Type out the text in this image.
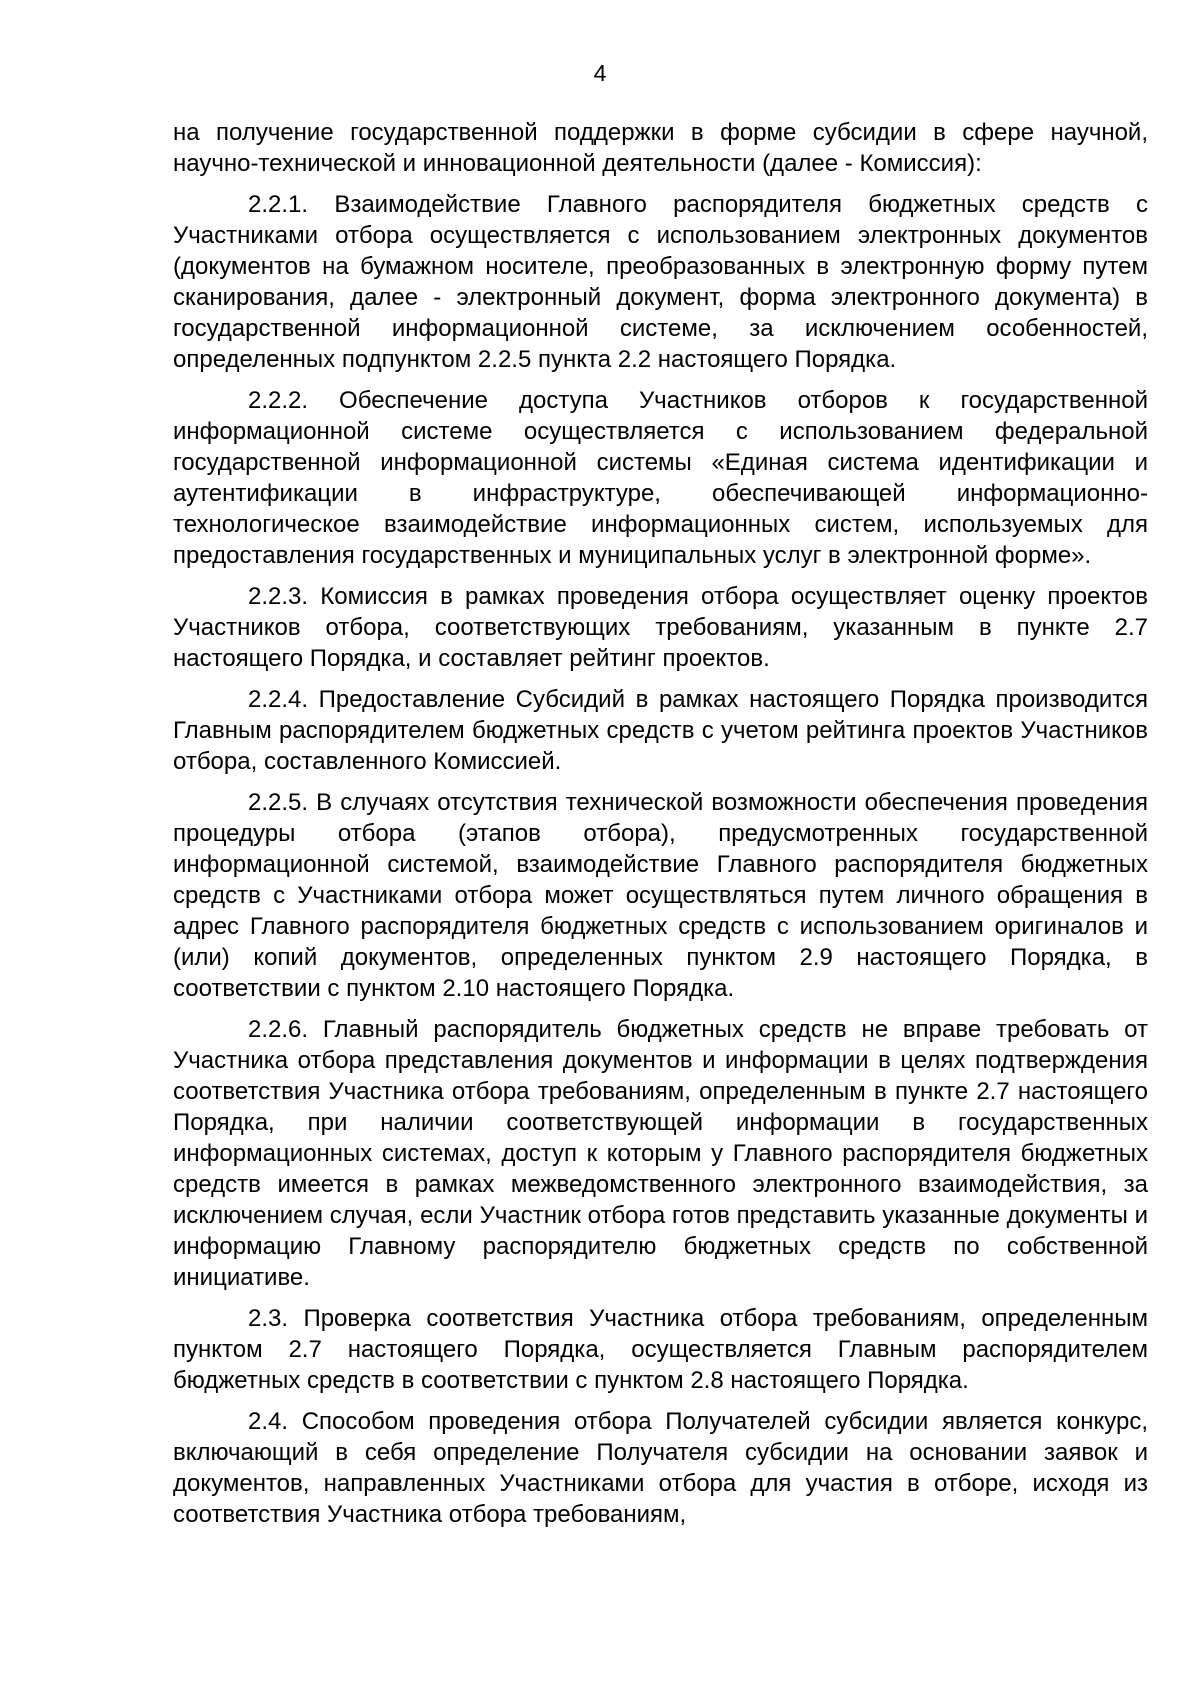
4

на получение государственной поддержки в форме субсидии в сфере научной, научно-технической и инновационной деятельности (далее - Комиссия):

2.2.1. Взаимодействие Главного распорядителя бюджетных средств с Участниками отбора осуществляется с использованием электронных документов (документов на бумажном носителе, преобразованных в электронную форму путем сканирования, далее - электронный документ, форма электронного документа) в государственной информационной системе, за исключением особенностей, определенных подпунктом 2.2.5 пункта 2.2 настоящего Порядка.

2.2.2. Обеспечение доступа Участников отборов к государственной информационной системе осуществляется с использованием федеральной государственной информационной системы «Единая система идентификации и аутентификации в инфраструктуре, обеспечивающей информационно-технологическое взаимодействие информационных систем, используемых для предоставления государственных и муниципальных услуг в электронной форме».

2.2.3. Комиссия в рамках проведения отбора осуществляет оценку проектов Участников отбора, соответствующих требованиям, указанным в пункте 2.7 настоящего Порядка, и составляет рейтинг проектов.

2.2.4. Предоставление Субсидий в рамках настоящего Порядка производится Главным распорядителем бюджетных средств с учетом рейтинга проектов Участников отбора, составленного Комиссией.

2.2.5. В случаях отсутствия технической возможности обеспечения проведения процедуры отбора (этапов отбора), предусмотренных государственной информационной системой, взаимодействие Главного распорядителя бюджетных средств с Участниками отбора может осуществляться путем личного обращения в адрес Главного распорядителя бюджетных средств с использованием оригиналов и (или) копий документов, определенных пунктом 2.9 настоящего Порядка, в соответствии с пунктом 2.10 настоящего Порядка.

2.2.6. Главный распорядитель бюджетных средств не вправе требовать от Участника отбора представления документов и информации в целях подтверждения соответствия Участника отбора требованиям, определенным в пункте 2.7 настоящего Порядка, при наличии соответствующей информации в государственных информационных системах, доступ к которым у Главного распорядителя бюджетных средств имеется в рамках межведомственного электронного взаимодействия, за исключением случая, если Участник отбора готов представить указанные документы и информацию Главному распорядителю бюджетных средств по собственной инициативе.

2.3. Проверка соответствия Участника отбора требованиям, определенным пунктом 2.7 настоящего Порядка, осуществляется Главным распорядителем бюджетных средств в соответствии с пунктом 2.8 настоящего Порядка.

2.4. Способом проведения отбора Получателей субсидии является конкурс, включающий в себя определение Получателя субсидии на основании заявок и документов, направленных Участниками отбора для участия в отборе, исходя из соответствия Участника отбора требованиям,
